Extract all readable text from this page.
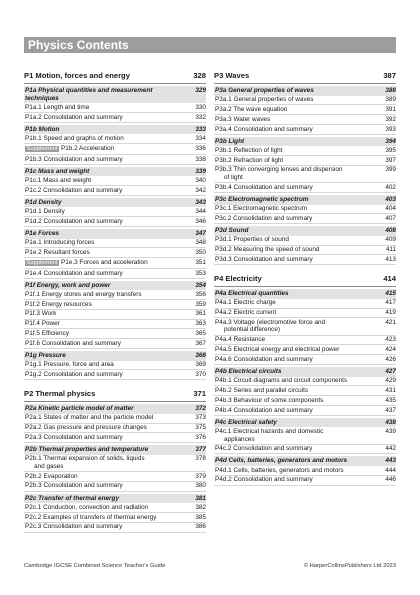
Physics Contents
P1 Motion, forces and energy	328
P1a Physical quantities and measurement techniques
329
P1a.1 Length and time	330
P1a.2 Consolidation and summary	332
P1b Motion	333
P1b.1 Speed and graphs of motion	334
Supplement P1b.2 Acceleration	336
P1b.3 Consolidation and summary	338
P1c Mass and weight	339
P1c.1 Mass and weight	340
P1c.2 Consolidation and summary	342
P1d Density	343
P1d.1 Density	344
P1d.2 Consolidation and summary	346
P1e Forces	347
P1e.1 Introducing forces	348
P1e.2 Resultant forces	350
Supplement P1e.3 Forces and acceleration	351
P1e.4 Consolidation and summary	353
P1f Energy, work and power	354
P1f.1 Energy stores and energy transfers	356
P1f.2 Energy resources	359
P1f.3 Work	361
P1f.4 Power	363
P1f.5 Efficiency	365
P1f.6 Consolidation and summary	367
P1g Pressure	368
P1g.1 Pressure, force and area	369
P1g.2 Consolidation and summary	370
P2 Thermal physics	371
P2a Kinetic particle model of matter	372
P2a.1 States of matter and the particle model	373
P2a.2 Gas pressure and pressure changes	375
P2a.3 Consolidation and summary	376
P2b Thermal properties and temperature	377
P2b.1 Thermal expansion of solids, liquids
and gases
378
P2b.2 Evaporation	379
P2b.3 Consolidation and summary	380
P2c Transfer of thermal energy	381
P2c.1 Conduction, convection and radiation	382
P2c.2 Examples of transfers of thermal energy	385
P2c.3 Consolidation and summary	386
P3 Waves	387
P3a General properties of waves	388
P3a.1 General properties of waves	389
P3a.2 The wave equation	391
P3a.3 Water waves	392
P3a.4 Consolidation and summary	393
P3b Light	394
P3b.1 Reflection of light	395
P3b.2 Refraction of light	397
P3b.3 Thin converging lenses and dispersion
of light
399
P3b.4 Consolidation and summary	402
P3c Electromagnetic spectrum	403
P3c.1 Electromagnetic spectrum	404
P3c.2 Consolidation and summary	407
P3d Sound	408
P3d.1 Properties of sound	409
P3d.2 Measuring the speed of sound	411
P3d.3 Consolidation and summary	413
P4 Electricity	414
P4a Electrical quantities	415
P4a.1 Electric charge	417
P4a.2 Electric current	419
P4a.3 Voltage (electromotive force and
potential difference)
421
P4a.4 Resistance	423
P4a.5 Electrical energy and electrical power	424
P4a.6 Consolidation and summary	426
P4b Electrical circuits	427
P4b.1 Circuit diagrams and circuit components	429
P4b.2 Series and parallel circuits	431
P4b.3 Behaviour of some components	435
P4b.4 Consolidation and summary	437
P4c Electrical safety	438
P4c.1 Electrical hazards and domestic
appliances
439
P4c.2 Consolidation and summary	442
P4d Cells, batteries, generators and motors	443
P4d.1 Cells, batteries, generators and motors	444
P4d.2 Consolidation and summary	446
Cambridge IGCSE Combined Science Teacher's Guide	© HarperCollinsPublishers Ltd 2023
